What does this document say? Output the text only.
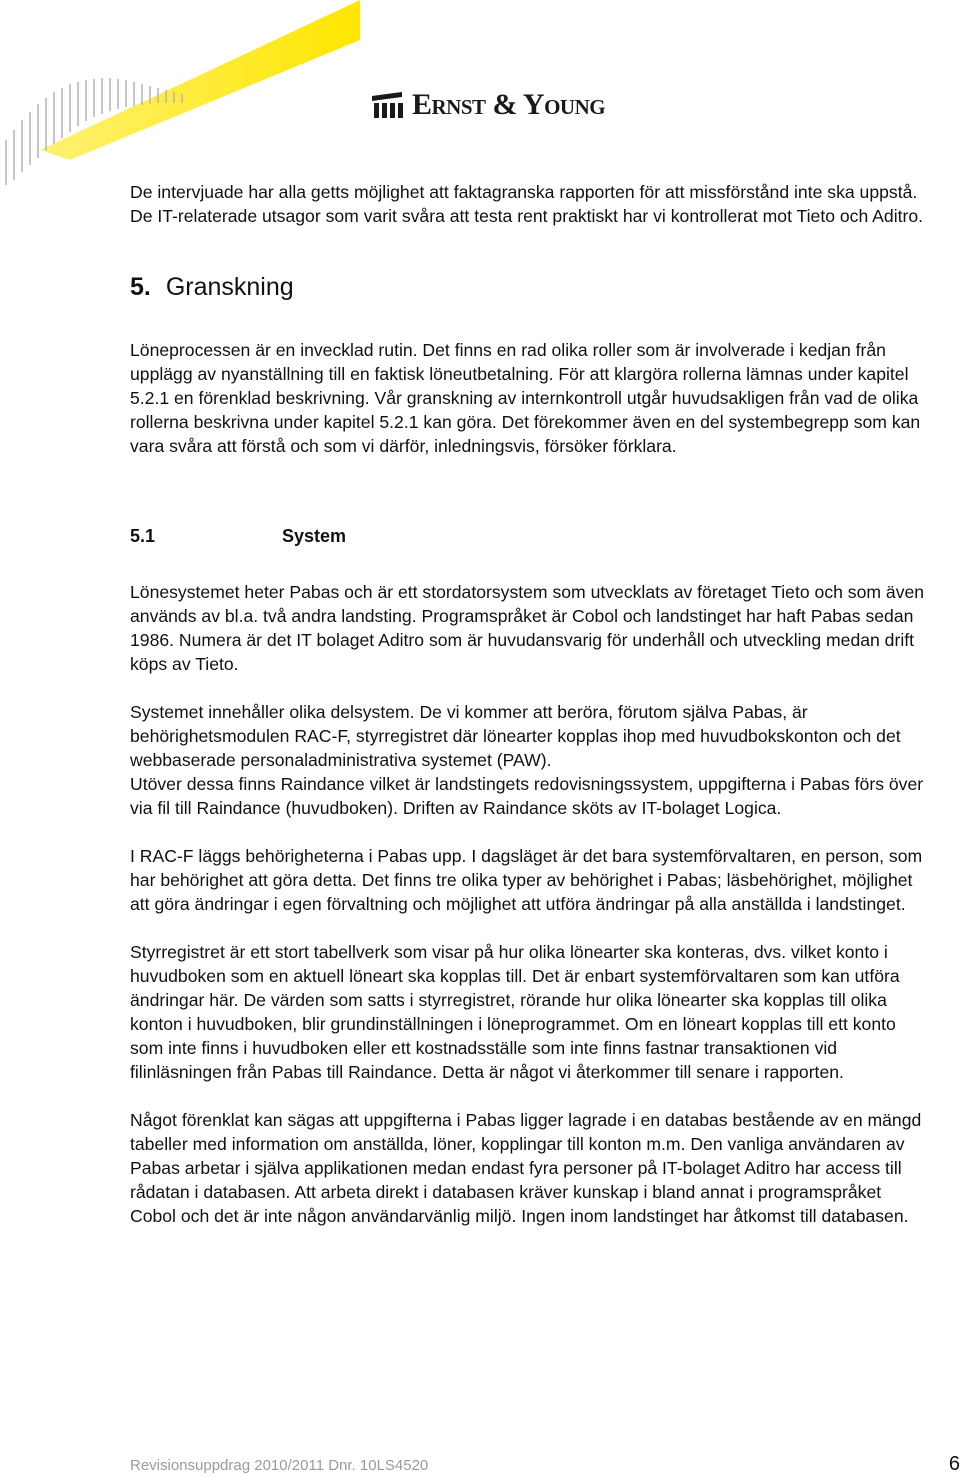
Ernst & Young

De intervjuade har alla getts möjlighet att faktagranska rapporten för att missförstånd inte ska uppstå. De IT-relaterade utsagor som varit svåra att testa rent praktiskt har vi kontrollerat mot Tieto och Aditro.

5. Granskning

Löneprocessen är en invecklad rutin. Det finns en rad olika roller som är involverade i kedjan från upplägg av nyanställning till en faktisk löneutbetalning. För att klargöra rollerna lämnas under kapitel 5.2.1 en förenklad beskrivning. Vår granskning av internkontroll utgår huvudsakligen från vad de olika rollerna beskrivna under kapitel 5.2.1 kan göra. Det förekommer även en del systembegrepp som kan vara svåra att förstå och som vi därför, inledningsvis, försöker förklara.

5.1	System

Lönesystemet heter Pabas och är ett stordatorsystem som utvecklats av företaget Tieto och som även används av bl.a. två andra landsting. Programspråket är Cobol och landstinget har haft Pabas sedan 1986. Numera är det IT bolaget Aditro som är huvudansvarig för underhåll och utveckling medan drift köps av Tieto.

Systemet innehåller olika delsystem. De vi kommer att beröra, förutom själva Pabas, är behörighetsmodulen RAC-F, styrregistret där lönearter kopplas ihop med huvudbokskonton och det webbaserade personaladministrativa systemet (PAW).

Utöver dessa finns Raindance vilket är landstingets redovisningssystem, uppgifterna i Pabas förs över via fil till Raindance (huvudboken). Driften av Raindance sköts av IT-bolaget Logica.

I RAC-F läggs behörigheterna i Pabas upp. I dagsläget är det bara systemförvaltaren, en person, som har behörighet att göra detta. Det finns tre olika typer av behörighet i Pabas; läsbehörighet, möjlighet att göra ändringar i egen förvaltning och möjlighet att utföra ändringar på alla anställda i landstinget.

Styrregistret är ett stort tabellverk som visar på hur olika lönearter ska konteras, dvs. vilket konto i huvudboken som en aktuell löneart ska kopplas till. Det är enbart systemförvaltaren som kan utföra ändringar här. De värden som satts i styrregistret, rörande hur olika lönearter ska kopplas till olika konton i huvudboken, blir grundinställningen i löneprogrammet. Om en löneart kopplas till ett konto som inte finns i huvudboken eller ett kostnadsställe som inte finns fastnar transaktionen vid filinläsningen från Pabas till Raindance. Detta är något vi återkommer till senare i rapporten.

Något förenklat kan sägas att uppgifterna i Pabas ligger lagrade i en databas bestående av en mängd tabeller med information om anställda, löner, kopplingar till konton m.m. Den vanliga användaren av Pabas arbetar i själva applikationen medan endast fyra personer på IT-bolaget Aditro har access till rådatan i databasen. Att arbeta direkt i databasen kräver kunskap i bland annat i programspråket Cobol och det är inte någon användarvänlig miljö. Ingen inom landstinget har åtkomst till databasen.

Revisionsuppdrag 2010/2011 Dnr. 10LS4520	6
